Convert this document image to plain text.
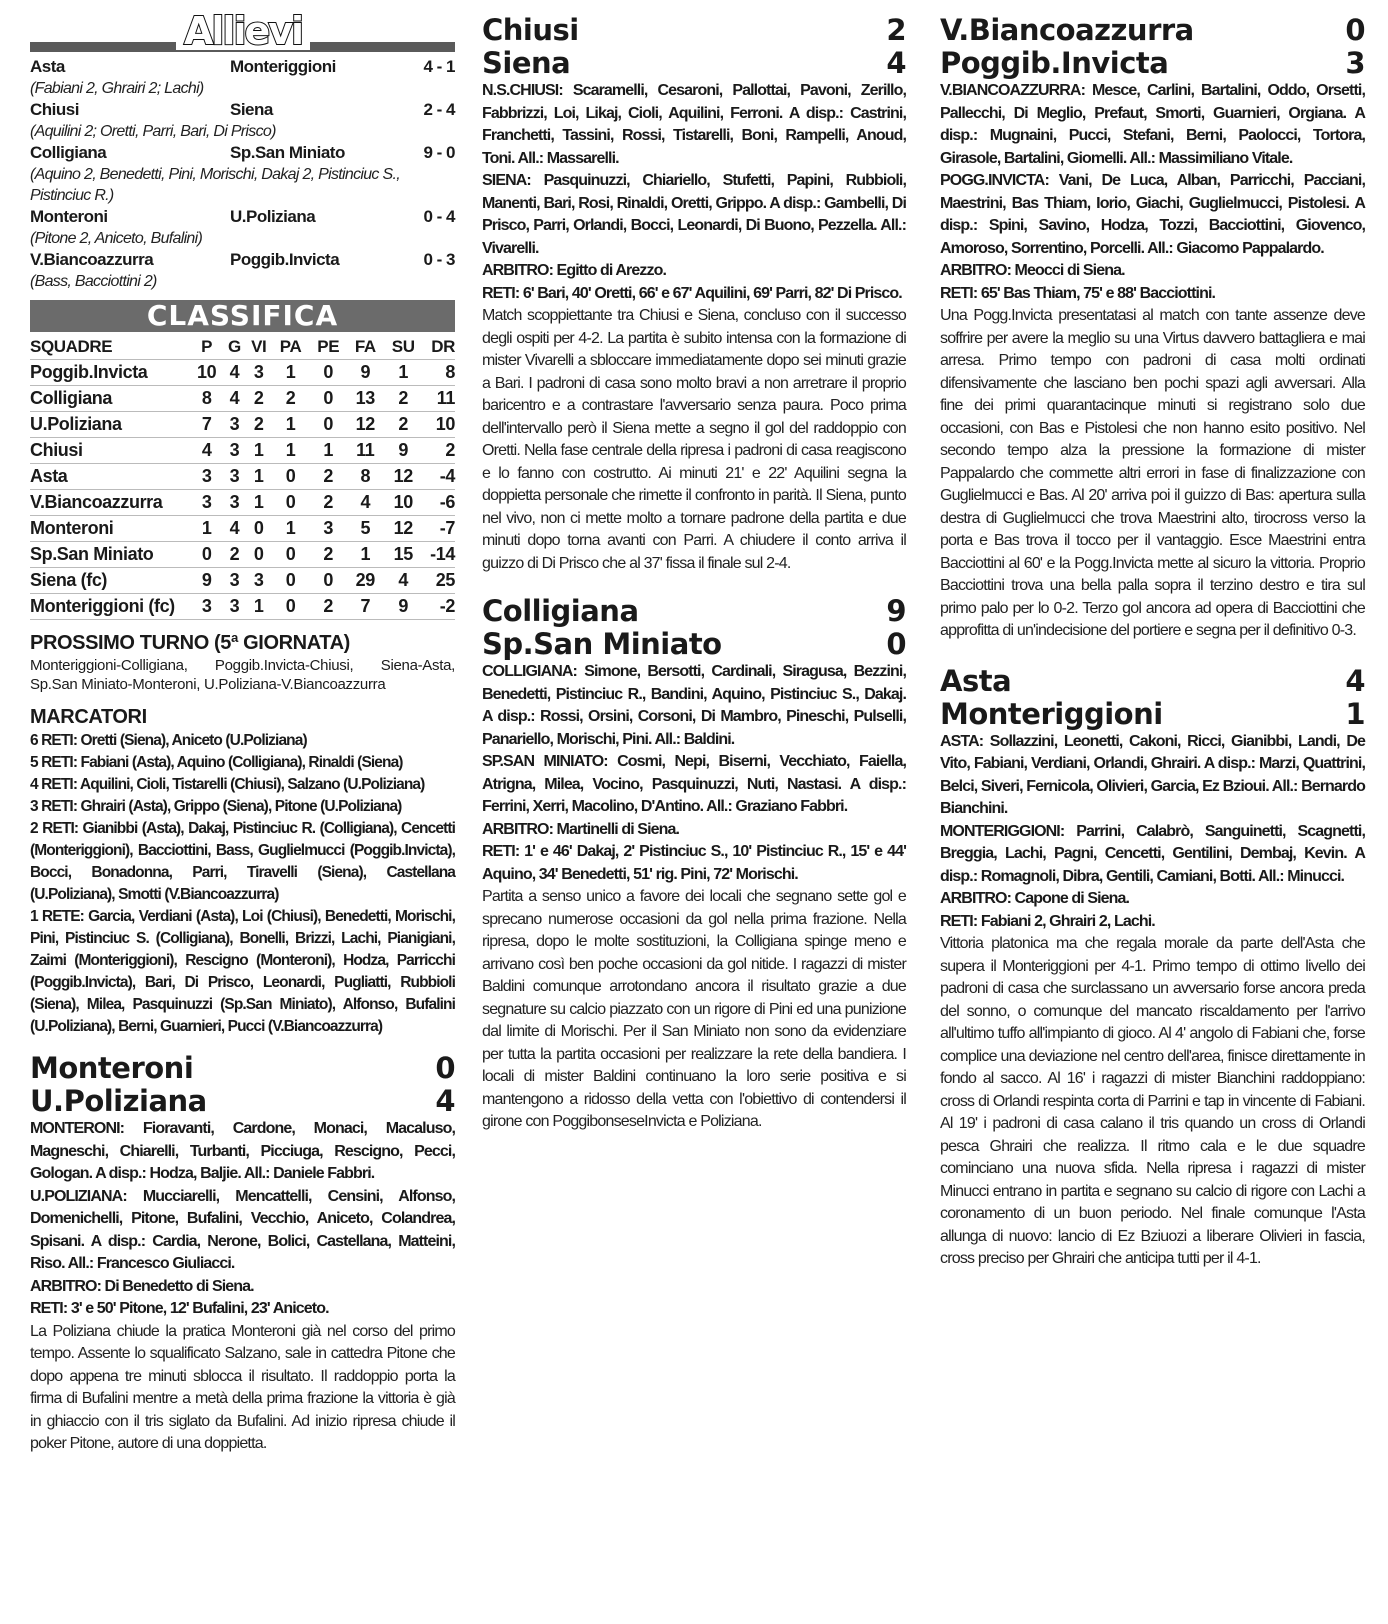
Allievi
Asta	Monteriggioni	4 - 1
(Fabiani 2, Ghrairi 2; Lachi)
Chiusi	Siena	2 - 4
(Aquilini 2; Oretti, Parri, Bari, Di Prisco)
Colligiana	Sp.San Miniato	9 - 0
(Aquino 2, Benedetti, Pini, Morischi, Dakaj 2, Pistinciuc S., Pistinciuc R.)
Monteroni	U.Poliziana	0 - 4
(Pitone 2, Aniceto, Bufalini)
V.Biancoazzurra	Poggib.Invicta	0 - 3
(Bass, Bacciottini 2)
CLASSIFICA
SQUADRE	P	G	VI	PA	PE	FA	SU	DR
Poggib.Invicta	10	4	3	1	0	9	1	8
Colligiana	8	4	2	2	0	13	2	11
U.Poliziana	7	3	2	1	0	12	2	10
Chiusi	4	3	1	1	1	11	9	2
Asta	3	3	1	0	2	8	12	-4
V.Biancoazzurra	3	3	1	0	2	4	10	-6
Monteroni	1	4	0	1	3	5	12	-7
Sp.San Miniato	0	2	0	0	2	1	15	-14
Siena (fc)	9	3	3	0	0	29	4	25
Monteriggioni (fc)	3	3	1	0	2	7	9	-2
PROSSIMO TURNO (5ª GIORNATA)
Monteriggioni-Colligiana, Poggib.Invicta-Chiusi, Siena-Asta, Sp.San Miniato-Monteroni, U.Poliziana-V.Biancoazzurra
MARCATORI

6 RETI: Oretti (Siena), Aniceto (U.Poliziana)

5 RETI: Fabiani (Asta), Aquino (Colligiana), Rinaldi (Siena)

4 RETI: Aquilini, Cioli, Tistarelli (Chiusi), Salzano (U.Poliziana)

3 RETI: Ghrairi (Asta), Grippo (Siena), Pitone (U.Poliziana)

2 RETI: Gianibbi (Asta), Dakaj, Pistinciuc R. (Colligiana), Cencetti (Monteriggioni), Bacciottini, Bass, Guglielmucci (Poggib.Invicta), Bocci, Bonadonna, Parri, Tiravelli (Siena), Castellana (U.Poliziana), Smotti (V.Biancoazzurra)

1 RETE: Garcia, Verdiani (Asta), Loi (Chiusi), Benedetti, Morischi, Pini, Pistinciuc S. (Colligiana), Bonelli, Brizzi, Lachi, Pianigiani, Zaimi (Monteriggioni), Rescigno (Monteroni), Hodza, Parricchi (Poggib.Invicta), Bari, Di Prisco, Leonardi, Pugliatti, Rubbioli (Siena), Milea, Pasquinuzzi (Sp.San Miniato), Alfonso, Bufalini (U.Poliziana), Berni, Guarnieri, Pucci (V.Biancoazzurra)

Monteroni	0
U.Poliziana	4

MONTERONI: Fioravanti, Cardone, Monaci, Macaluso, Magneschi, Chiarelli, Turbanti, Picciuga, Rescigno, Pecci, Gologan. A disp.: Hodza, Baljie. All.: Daniele Fabbri.

U.POLIZIANA: Mucciarelli, Mencattelli, Censini, Alfonso, Domenichelli, Pitone, Bufalini, Vecchio, Aniceto, Colandrea, Spisani. A disp.: Cardia, Nerone, Bolici, Castellana, Matteini, Riso. All.: Francesco Giuliacci.

ARBITRO: Di Benedetto di Siena.

RETI: 3' e 50' Pitone, 12' Bufalini, 23' Aniceto.

La Poliziana chiude la pratica Monteroni già nel corso del primo tempo. Assente lo squalificato Salzano, sale in cattedra Pitone che dopo appena tre minuti sblocca il risultato. Il raddoppio porta la firma di Bufalini mentre a metà della prima frazione la vittoria è già in ghiaccio con il tris siglato da Bufalini. Ad inizio ripresa chiude il poker Pitone, autore di una doppietta.

Chiusi	2
Siena	4

N.S.CHIUSI: Scaramelli, Cesaroni, Pallottai, Pavoni, Zerillo, Fabbrizzi, Loi, Likaj, Cioli, Aquilini, Ferroni. A disp.: Castrini, Franchetti, Tassini, Rossi, Tistarelli, Boni, Rampelli, Anoud, Toni. All.: Massarelli.

SIENA: Pasquinuzzi, Chiariello, Stufetti, Papini, Rubbioli, Manenti, Bari, Rosi, Rinaldi, Oretti, Grippo. A disp.: Gambelli, Di Prisco, Parri, Orlandi, Bocci, Leonardi, Di Buono, Pezzella. All.: Vivarelli.

ARBITRO: Egitto di Arezzo.

RETI: 6' Bari, 40' Oretti, 66' e 67' Aquilini, 69' Parri, 82' Di Prisco.

Match scoppiettante tra Chiusi e Siena, concluso con il successo degli ospiti per 4-2. La partita è subito intensa con la formazione di mister Vivarelli a sbloccare immediatamente dopo sei minuti grazie a Bari. I padroni di casa sono molto bravi a non arretrare il proprio baricentro e a contrastare l'avversario senza paura. Poco prima dell'intervallo però il Siena mette a segno il gol del raddoppio con Oretti. Nella fase centrale della ripresa i padroni di casa reagiscono e lo fanno con costrutto. Ai minuti 21' e 22' Aquilini segna la doppietta personale che rimette il confronto in parità. Il Siena, punto nel vivo, non ci mette molto a tornare padrone della partita e due minuti dopo torna avanti con Parri. A chiudere il conto arriva il guizzo di Di Prisco che al 37' fissa il finale sul 2-4.

Colligiana	9
Sp.San Miniato	0

COLLIGIANA: Simone, Bersotti, Cardinali, Siragusa, Bezzini, Benedetti, Pistinciuc R., Bandini, Aquino, Pistinciuc S., Dakaj. A disp.: Rossi, Orsini, Corsoni, Di Mambro, Pineschi, Pulselli, Panariello, Morischi, Pini. All.: Baldini.

SP.SAN MINIATO: Cosmi, Nepi, Biserni, Vecchiato, Faiella, Atrigna, Milea, Vocino, Pasquinuzzi, Nuti, Nastasi. A disp.: Ferrini, Xerri, Macolino, D'Antino. All.: Graziano Fabbri.

ARBITRO: Martinelli di Siena.

RETI: 1' e 46' Dakaj, 2' Pistinciuc S., 10' Pistinciuc R., 15' e 44' Aquino, 34' Benedetti, 51' rig. Pini, 72' Morischi.

Partita a senso unico a favore dei locali che segnano sette gol e sprecano numerose occasioni da gol nella prima frazione. Nella ripresa, dopo le molte sostituzioni, la Colligiana spinge meno e arrivano così ben poche occasioni da gol nitide. I ragazzi di mister Baldini comunque arrotondano ancora il risultato grazie a due segnature su calcio piazzato con un rigore di Pini ed una punizione dal limite di Morischi. Per il San Miniato non sono da evidenziare per tutta la partita occasioni per realizzare la rete della bandiera. I locali di mister Baldini continuano la loro serie positiva e si mantengono a ridosso della vetta con l'obiettivo di contendersi il girone con PoggibonseseInvicta e Poliziana.

V.Biancoazzurra	0
Poggib.Invicta	3

V.BIANCOAZZURRA: Mesce, Carlini, Bartalini, Oddo, Orsetti, Pallecchi, Di Meglio, Prefaut, Smorti, Guarnieri, Orgiana. A disp.: Mugnaini, Pucci, Stefani, Berni, Paolocci, Tortora, Girasole, Bartalini, Giomelli. All.: Massimiliano Vitale.

POGG.INVICTA: Vani, De Luca, Alban, Parricchi, Pacciani, Maestrini, Bas Thiam, Iorio, Giachi, Guglielmucci, Pistolesi. A disp.: Spini, Savino, Hodza, Tozzi, Bacciottini, Giovenco, Amoroso, Sorrentino, Porcelli. All.: Giacomo Pappalardo.

ARBITRO: Meocci di Siena.

RETI: 65' Bas Thiam, 75' e 88' Bacciottini.

Una Pogg.Invicta presentatasi al match con tante assenze deve soffrire per avere la meglio su una Virtus davvero battagliera e mai arresa. Primo tempo con padroni di casa molti ordinati difensivamente che lasciano ben pochi spazi agli avversari. Alla fine dei primi quarantacinque minuti si registrano solo due occasioni, con Bas e Pistolesi che non hanno esito positivo. Nel secondo tempo alza la pressione la formazione di mister Pappalardo che commette altri errori in fase di finalizzazione con Guglielmucci e Bas. Al 20' arriva poi il guizzo di Bas: apertura sulla destra di Guglielmucci che trova Maestrini alto, tirocross verso la porta e Bas trova il tocco per il vantaggio. Esce Maestrini entra Bacciottini al 60' e la Pogg.Invicta mette al sicuro la vittoria. Proprio Bacciottini trova una bella palla sopra il terzino destro e tira sul primo palo per lo 0-2. Terzo gol ancora ad opera di Bacciottini che approfitta di un'indecisione del portiere e segna per il definitivo 0-3.

Asta	4
Monteriggioni	1

ASTA: Sollazzini, Leonetti, Cakoni, Ricci, Gianibbi, Landi, De Vito, Fabiani, Verdiani, Orlandi, Ghrairi. A disp.: Marzi, Quattrini, Belci, Siveri, Fernicola, Olivieri, Garcia, Ez Bzioui. All.: Bernardo Bianchini.

MONTERIGGIONI: Parrini, Calabrò, Sanguinetti, Scagnetti, Breggia, Lachi, Pagni, Cencetti, Gentilini, Dembaj, Kevin. A disp.: Romagnoli, Dibra, Gentili, Camiani, Botti. All.: Minucci.

ARBITRO: Capone di Siena.

RETI: Fabiani 2, Ghrairi 2, Lachi.

Vittoria platonica ma che regala morale da parte dell'Asta che supera il Monteriggioni per 4-1. Primo tempo di ottimo livello dei padroni di casa che surclassano un avversario forse ancora preda del sonno, o comunque del mancato riscaldamento per l'arrivo all'ultimo tuffo all'impianto di gioco. Al 4' angolo di Fabiani che, forse complice una deviazione nel centro dell'area, finisce direttamente in fondo al sacco. Al 16' i ragazzi di mister Bianchini raddoppiano: cross di Orlandi respinta corta di Parrini e tap in vincente di Fabiani. Al 19' i padroni di casa calano il tris quando un cross di Orlandi pesca Ghrairi che realizza. Il ritmo cala e le due squadre cominciano una nuova sfida. Nella ripresa i ragazzi di mister Minucci entrano in partita e segnano su calcio di rigore con Lachi a coronamento di un buon periodo. Nel finale comunque l'Asta allunga di nuovo: lancio di Ez Bziuozi a liberare Olivieri in fascia, cross preciso per Ghrairi che anticipa tutti per il 4-1.
